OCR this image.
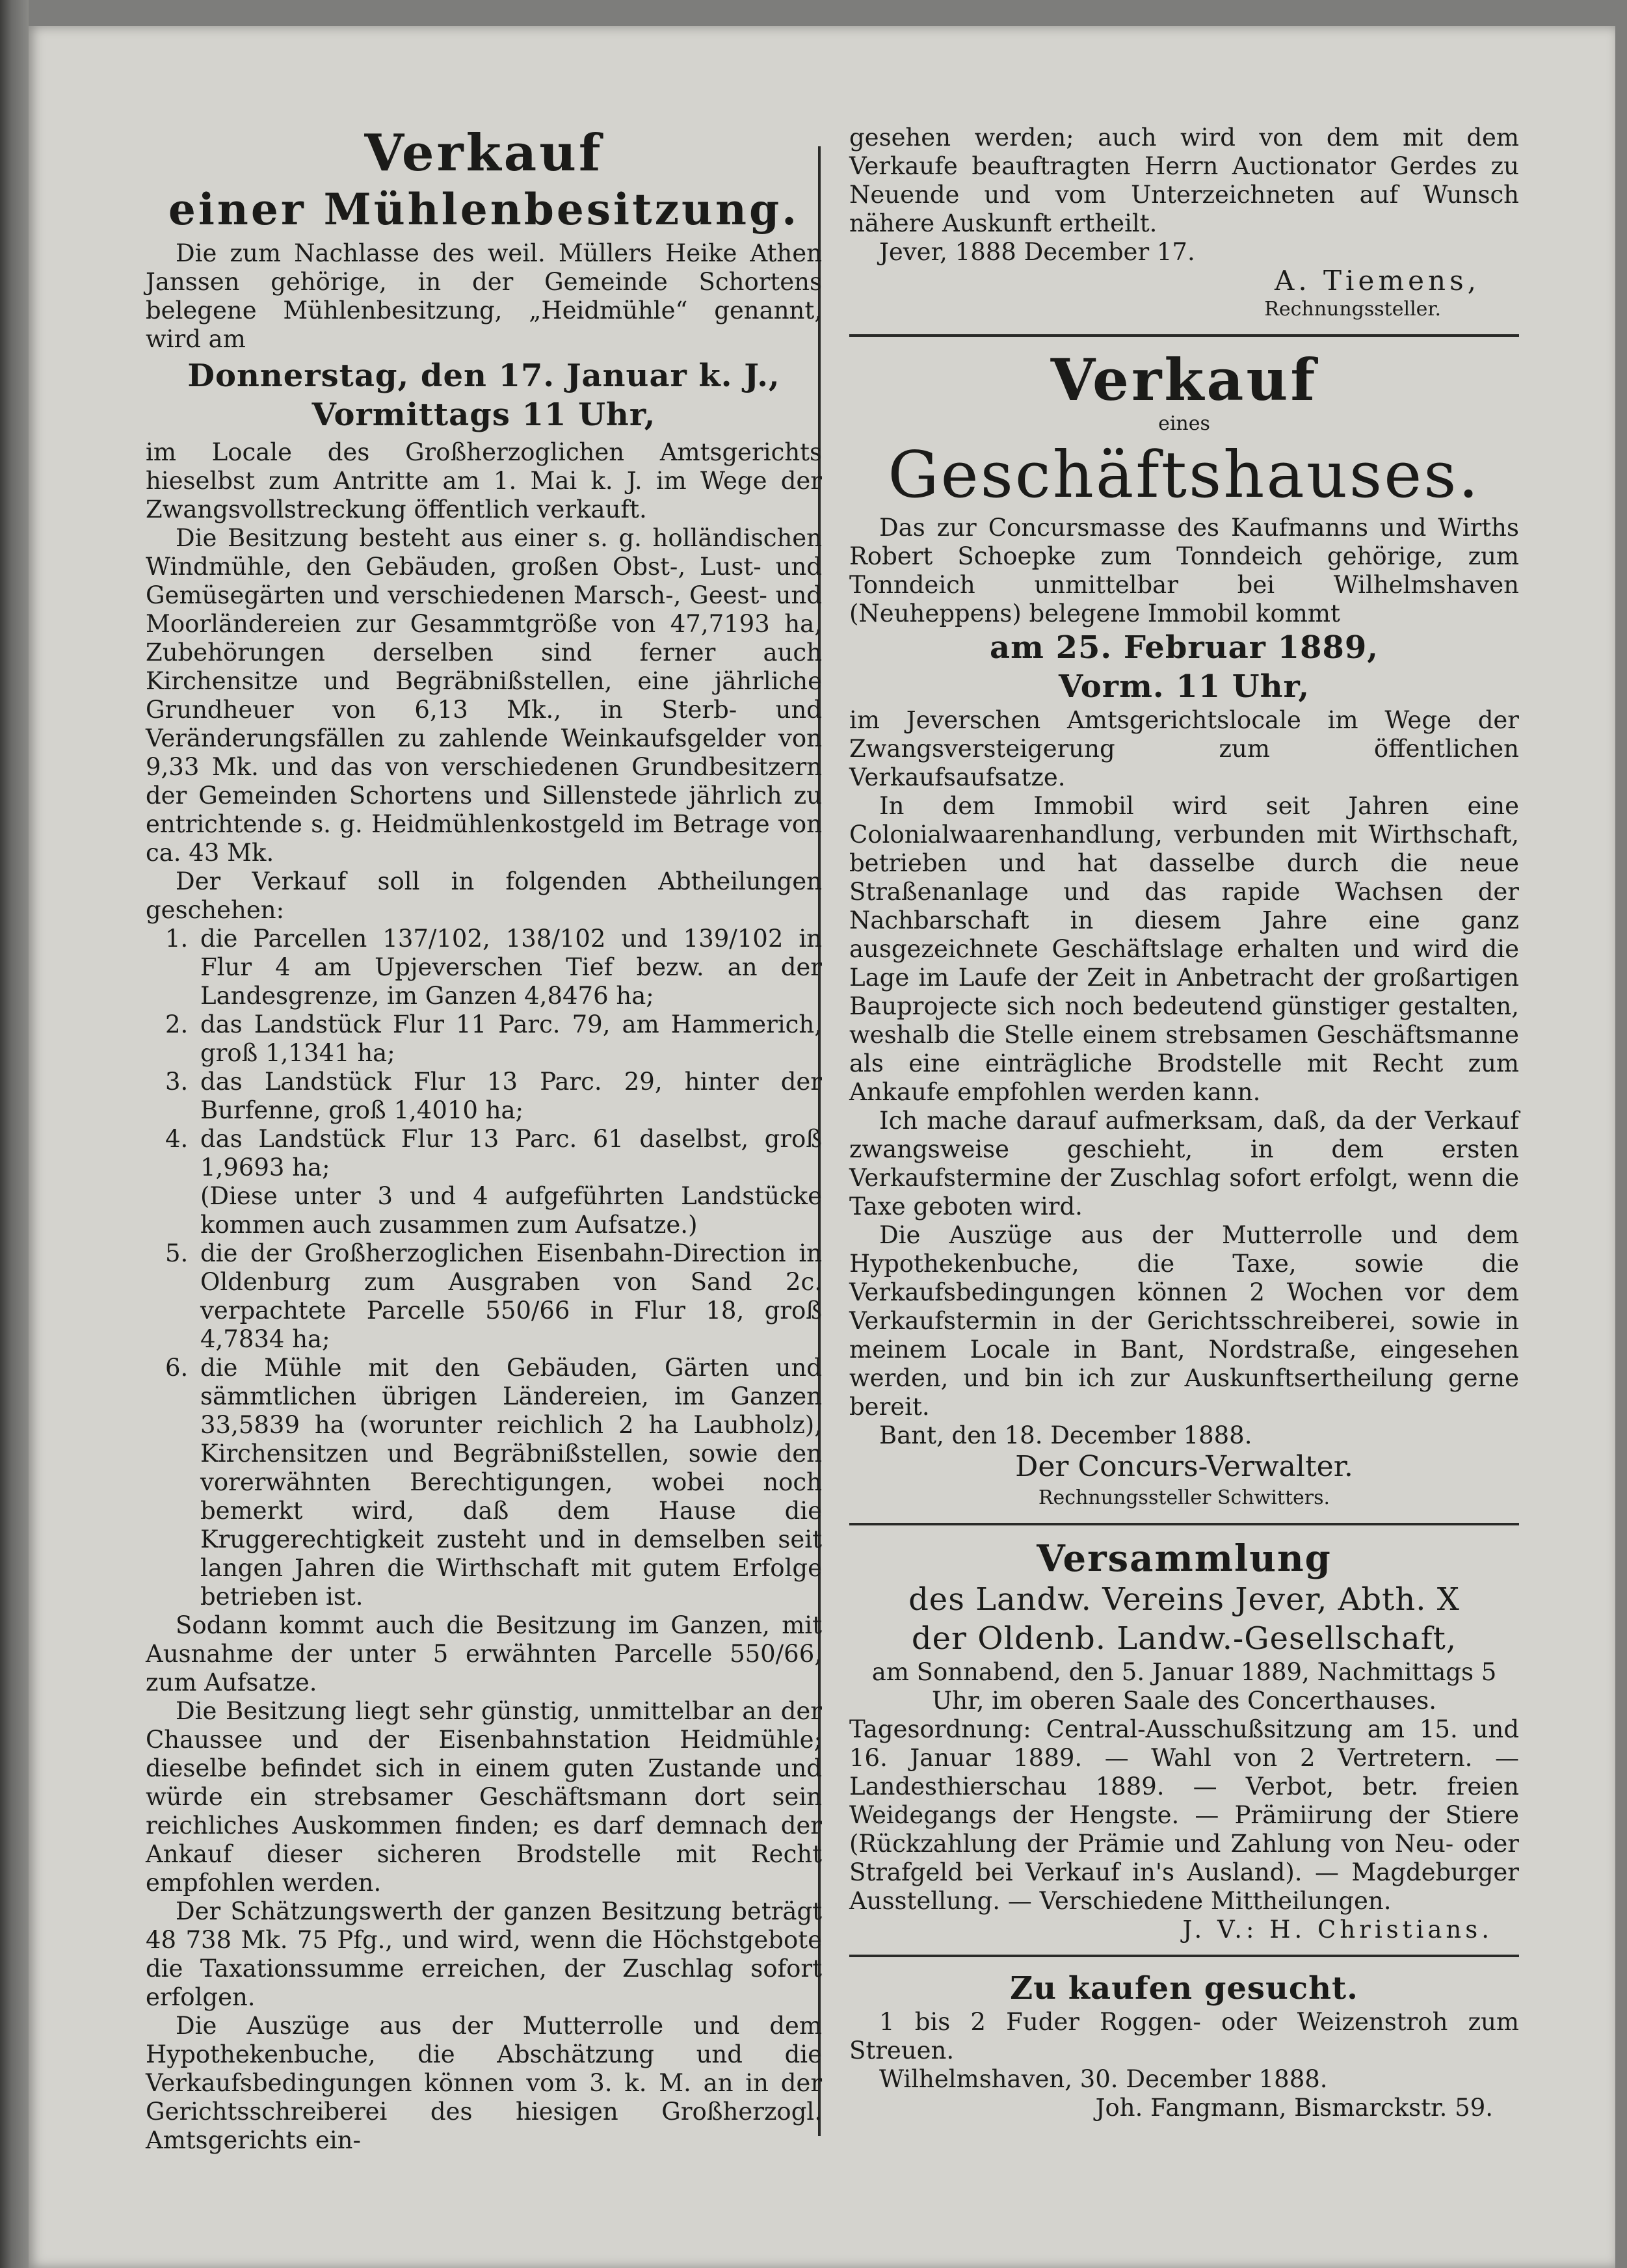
Verkauf

einer Mühlenbesitzung.

Die zum Nachlasse des weil. Müllers Heike Athen Janssen gehörige, in der Gemeinde Schortens belegene Mühlenbesitzung, „Heidmühle“ genannt, wird am

Donnerstag, den 17. Januar k. J.,

Vormittags 11 Uhr,

im Locale des Großherzoglichen Amtsgerichts hieselbst zum Antritte am 1. Mai k. J. im Wege der Zwangsvollstreckung öffentlich verkauft.

Die Besitzung besteht aus einer s. g. holländischen Windmühle, den Gebäuden, großen Obst-, Lust- und Gemüsegärten und verschiedenen Marsch-, Geest- und Moorländereien zur Gesammtgröße von 47,7193 ha, Zubehörungen derselben sind ferner auch Kirchensitze und Begräbnißstellen, eine jährliche Grundheuer von 6,13 Mk., in Sterb- und Veränderungsfällen zu zahlende Weinkaufsgelder von 9,33 Mk. und das von verschiedenen Grundbesitzern der Gemeinden Schortens und Sillenstede jährlich zu entrichtende s. g. Heidmühlenkostgeld im Betrage von ca. 43 Mk.

Der Verkauf soll in folgenden Abtheilungen geschehen:

1. die Parcellen 137/102, 138/102 und 139/102 in Flur 4 am Upjeverschen Tief bezw. an der Landesgrenze, im Ganzen 4,8476 ha;
2. das Landstück Flur 11 Parc. 79, am Hammerich, groß 1,1341 ha;
3. das Landstück Flur 13 Parc. 29, hinter der Burfenne, groß 1,4010 ha;
4. das Landstück Flur 13 Parc. 61 daselbst, groß 1,9693 ha;

(Diese unter 3 und 4 aufgeführten Landstücke kommen auch zusammen zum Aufsatze.)

5. die der Großherzoglichen Eisenbahn-Direction in Oldenburg zum Ausgraben von Sand 2c. verpachtete Parcelle 550/66 in Flur 18, groß 4,7834 ha;
6. die Mühle mit den Gebäuden, Gärten und sämmtlichen übrigen Ländereien, im Ganzen 33,5839 ha (worunter reichlich 2 ha Laubholz), Kirchensitzen und Begräbnißstellen, sowie den vorerwähnten Berechtigungen, wobei noch bemerkt wird, daß dem Hause die Kruggerechtigkeit zusteht und in demselben seit langen Jahren die Wirthschaft mit gutem Erfolge betrieben ist.

Sodann kommt auch die Besitzung im Ganzen, mit Ausnahme der unter 5 erwähnten Parcelle 550/66, zum Aufsatze.

Die Besitzung liegt sehr günstig, unmittelbar an der Chaussee und der Eisenbahnstation Heidmühle; dieselbe befindet sich in einem guten Zustande und würde ein strebsamer Geschäftsmann dort sein reichliches Auskommen finden; es darf demnach der Ankauf dieser sicheren Brodstelle mit Recht empfohlen werden.

Der Schätzungswerth der ganzen Besitzung beträgt 48 738 Mk. 75 Pfg., und wird, wenn die Höchstgebote die Taxationssumme erreichen, der Zuschlag sofort erfolgen.

Die Auszüge aus der Mutterrolle und dem Hypothekenbuche, die Abschätzung und die Verkaufsbedingungen können vom 3. k. M. an in der Gerichtsschreiberei des hiesigen Großherzogl. Amtsgerichts ein-

gesehen werden; auch wird von dem mit dem Verkaufe beauftragten Herrn Auctionator Gerdes zu Neuende und vom Unterzeichneten auf Wunsch nähere Auskunft ertheilt.

Jever, 1888 December 17.

A. Tiemens,

Rechnungssteller.

Verkauf

eines

Geschäftshauses.

Das zur Concursmasse des Kaufmanns und Wirths Robert Schoepke zum Tonndeich gehörige, zum Tonndeich unmittelbar bei Wilhelmshaven (Neuheppens) belegene Immobil kommt

am 25. Februar 1889,

Vorm. 11 Uhr,

im Jeverschen Amtsgerichtslocale im Wege der Zwangsversteigerung zum öffentlichen Verkaufsaufsatze.

In dem Immobil wird seit Jahren eine Colonialwaarenhandlung, verbunden mit Wirthschaft, betrieben und hat dasselbe durch die neue Straßenanlage und das rapide Wachsen der Nachbarschaft in diesem Jahre eine ganz ausgezeichnete Geschäftslage erhalten und wird die Lage im Laufe der Zeit in Anbetracht der großartigen Bauprojecte sich noch bedeutend günstiger gestalten, weshalb die Stelle einem strebsamen Geschäftsmanne als eine einträgliche Brodstelle mit Recht zum Ankaufe empfohlen werden kann.

Ich mache darauf aufmerksam, daß, da der Verkauf zwangsweise geschieht, in dem ersten Verkaufstermine der Zuschlag sofort erfolgt, wenn die Taxe geboten wird.

Die Auszüge aus der Mutterrolle und dem Hypothekenbuche, die Taxe, sowie die Verkaufsbedingungen können 2 Wochen vor dem Verkaufstermin in der Gerichtsschreiberei, sowie in meinem Locale in Bant, Nordstraße, eingesehen werden, und bin ich zur Auskunftsertheilung gerne bereit.

Bant, den 18. December 1888.

Der Concurs-Verwalter.

Rechnungssteller Schwitters.

Versammlung

des Landw. Vereins Jever, Abth. X

der Oldenb. Landw.-Gesellschaft,

am Sonnabend, den 5. Januar 1889, Nachmittags 5 Uhr, im oberen Saale des Concerthauses.

Tagesordnung: Central-Ausschußsitzung am 15. und 16. Januar 1889. — Wahl von 2 Vertretern. — Landesthierschau 1889. — Verbot, betr. freien Weidegangs der Hengste. — Prämiirung der Stiere (Rückzahlung der Prämie und Zahlung von Neu- oder Strafgeld bei Verkauf in's Ausland). — Magdeburger Ausstellung. — Verschiedene Mittheilungen.

J. V.: H. Christians.

Zu kaufen gesucht.

1 bis 2 Fuder Roggen- oder Weizenstroh zum Streuen.

Wilhelmshaven, 30. December 1888.

Joh. Fangmann, Bismarckstr. 59.
